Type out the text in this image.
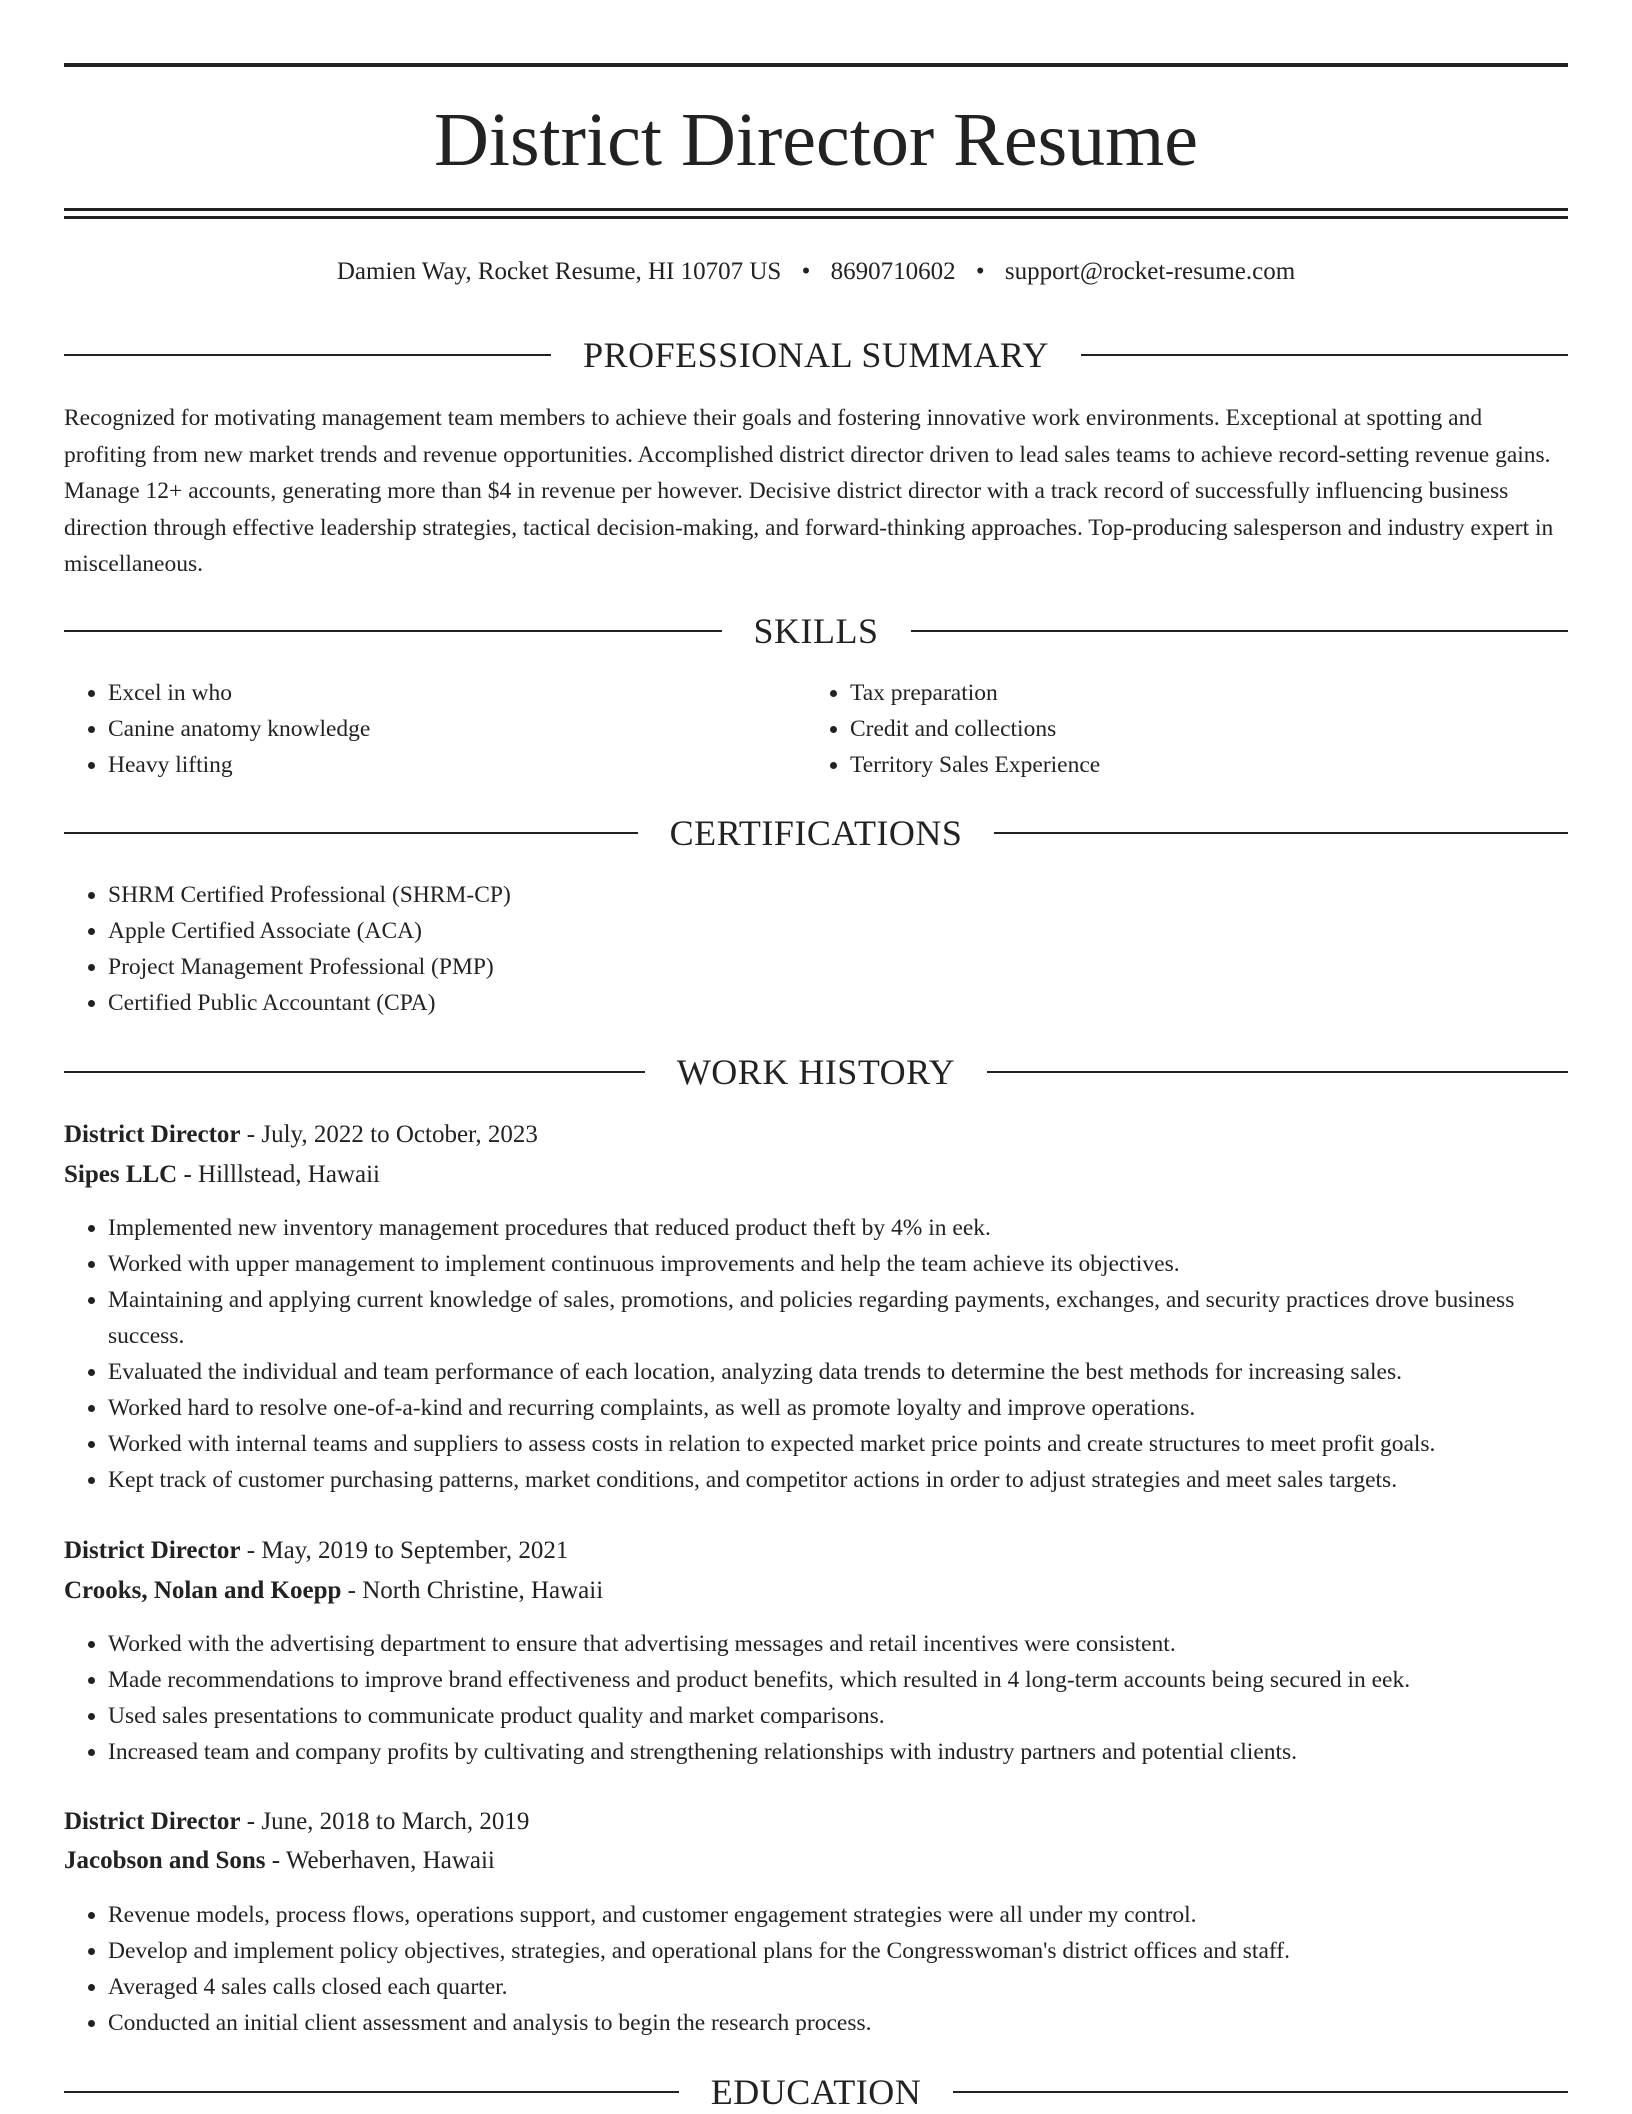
District Director Resume
Damien Way, Rocket Resume, HI 10707 US • 8690710602 • support@rocket-resume.com
PROFESSIONAL SUMMARY

Recognized for motivating management team members to achieve their goals and fostering innovative work environments. Exceptional at spotting and profiting from new market trends and revenue opportunities. Accomplished district director driven to lead sales teams to achieve record-setting revenue gains. Manage 12+ accounts, generating more than $4 in revenue per however. Decisive district director with a track record of successfully influencing business direction through effective leadership strategies, tactical decision-making, and forward-thinking approaches. Top-producing salesperson and industry expert in miscellaneous.

SKILLS
• Excel in who
• Canine anatomy knowledge
• Heavy lifting
• Tax preparation
• Credit and collections
• Territory Sales Experience
CERTIFICATIONS
• SHRM Certified Professional (SHRM-CP)
• Apple Certified Associate (ACA)
• Project Management Professional (PMP)
• Certified Public Accountant (CPA)
WORK HISTORY
District Director - July, 2022 to October, 2023
Sipes LLC - Hilllstead, Hawaii
• Implemented new inventory management procedures that reduced product theft by 4% in eek.
• Worked with upper management to implement continuous improvements and help the team achieve its objectives.
• Maintaining and applying current knowledge of sales, promotions, and policies regarding payments, exchanges, and security practices drove business success.
• Evaluated the individual and team performance of each location, analyzing data trends to determine the best methods for increasing sales.
• Worked hard to resolve one-of-a-kind and recurring complaints, as well as promote loyalty and improve operations.
• Worked with internal teams and suppliers to assess costs in relation to expected market price points and create structures to meet profit goals.
• Kept track of customer purchasing patterns, market conditions, and competitor actions in order to adjust strategies and meet sales targets.
District Director - May, 2019 to September, 2021
Crooks, Nolan and Koepp - North Christine, Hawaii
• Worked with the advertising department to ensure that advertising messages and retail incentives were consistent.
• Made recommendations to improve brand effectiveness and product benefits, which resulted in 4 long-term accounts being secured in eek.
• Used sales presentations to communicate product quality and market comparisons.
• Increased team and company profits by cultivating and strengthening relationships with industry partners and potential clients.
District Director - June, 2018 to March, 2019
Jacobson and Sons - Weberhaven, Hawaii
• Revenue models, process flows, operations support, and customer engagement strategies were all under my control.
• Develop and implement policy objectives, strategies, and operational plans for the Congresswoman's district offices and staff.
• Averaged 4 sales calls closed each quarter.
• Conducted an initial client assessment and analysis to begin the research process.
EDUCATION
